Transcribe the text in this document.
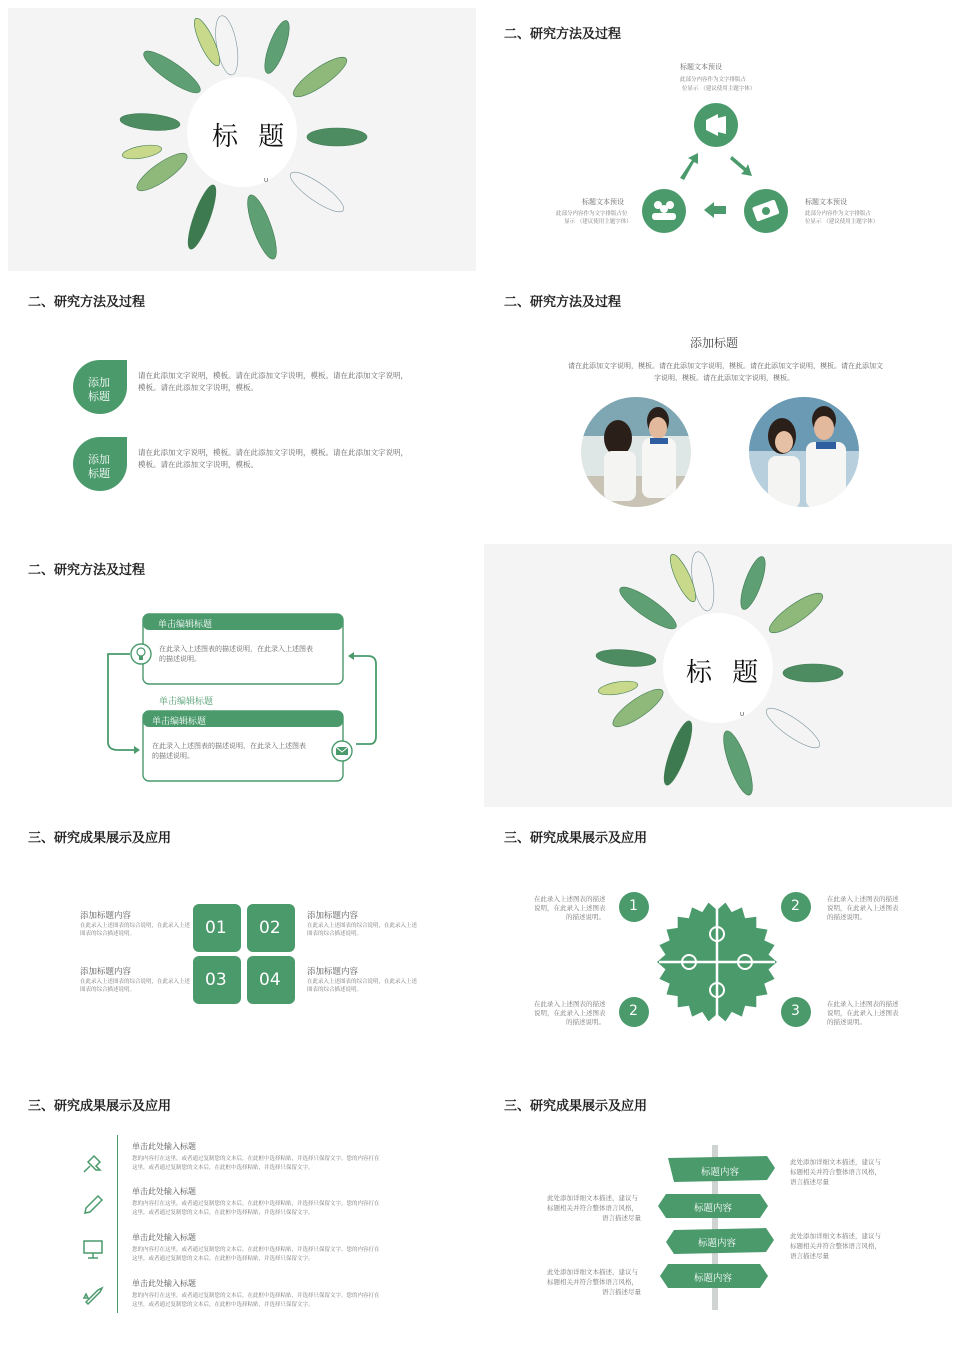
标 题
ᵁ
二、研究方法及过程
标题文本预设
此部分内容作为文字排版占
位显示 （建议使用主题字体）
标题文本预设
此部分内容作为文字排版占位
显示 （建议使用主题字体）
标题文本预设
此部分内容作为文字排版占
位显示 （建议使用主题字体）
二、研究方法及过程
添加
标题
请在此添加文字说明，模板。请在此添加文字说明，模板。请在此添加文字说明，
模板。请在此添加文字说明，模板。
添加
标题
请在此添加文字说明，模板。请在此添加文字说明，模板。请在此添加文字说明，
模板。请在此添加文字说明，模板。
二、研究方法及过程
添加标题
请在此添加文字说明，模板。请在此添加文字说明，模板。请在此添加文字说明，模板。请在此添加文
字说明，模板。请在此添加文字说明，模板。
二、研究方法及过程
单击编辑标题
在此录入上述图表的描述说明，在此录入上述图表
的描述说明。
单击编辑标题
单击编辑标题
在此录入上述图表的描述说明，在此录入上述图表
的描述说明。
标 题
ᵁ
三、研究成果展示及应用
01 02
03 04
添加标题内容
在此录入上述图表的综合说明，在此录入上述
图表的综合描述说明。
添加标题内容
在此录入上述图表的综合说明，在此录入上述
图表的综合描述说明。
添加标题内容
在此录入上述图表的综合说明，在此录入上述
图表的综合描述说明。
添加标题内容
在此录入上述图表的综合说明，在此录入上述
图表的综合描述说明。
三、研究成果展示及应用
1	2
2	3
在此录入上述图表的描述
说明，在此录入上述图表
的描述说明。
在此录入上述图表的描述
说明，在此录入上述图表
的描述说明。
在此录入上述图表的描述
说明，在此录入上述图表
的描述说明。
在此录入上述图表的描述
说明，在此录入上述图表
的描述说明。
三、研究成果展示及应用
单击此处输入标题
您的内容打在这里，或者通过复制您的文本后，在此框中选择粘贴，并选择只保留文字。您的内容打在
这里，或者通过复制您的文本后，在此框中选择粘贴，并选择只保留文字。
单击此处输入标题
您的内容打在这里，或者通过复制您的文本后，在此框中选择粘贴，并选择只保留文字。您的内容打在
这里，或者通过复制您的文本后，在此框中选择粘贴，并选择只保留文字。
单击此处输入标题
您的内容打在这里，或者通过复制您的文本后，在此框中选择粘贴，并选择只保留文字。您的内容打在
这里，或者通过复制您的文本后，在此框中选择粘贴，并选择只保留文字。
单击此处输入标题
您的内容打在这里，或者通过复制您的文本后，在此框中选择粘贴，并选择只保留文字。您的内容打在
这里，或者通过复制您的文本后，在此框中选择粘贴，并选择只保留文字。
三、研究成果展示及应用
标题内容
标题内容
标题内容
标题内容
此处添加详细文本描述，建议与
标题相关并符合整体语言风格，
语言描述尽量
此处添加详细文本描述，建议与
标题相关并符合整体语言风格，
语言描述尽量
此处添加详细文本描述，建议与
标题相关并符合整体语言风格，
语言描述尽量
此处添加详细文本描述，建议与
标题相关并符合整体语言风格，
语言描述尽量
